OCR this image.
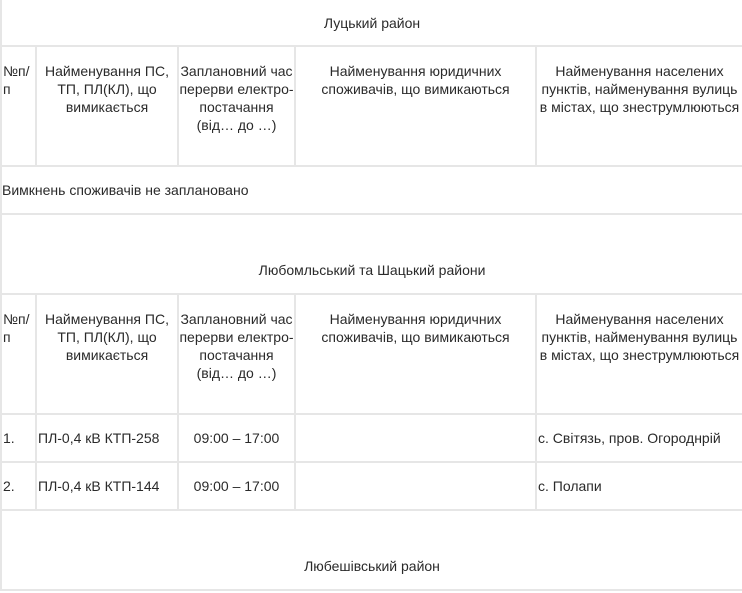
Луцький район				
№п/п	Найменування ПС, ТП, ПЛ(КЛ), що вимикається	Заплановний час перерви електро-постачання (від… до …)	Найменування юридичних споживачів, що вимикаються	Найменування населених пунктів, найменування вулиць в містах, що знеструмлюються
Вимкнень споживачів не заплановано				
Любомльський та Шацький райони				
№п/п	Найменування ПС, ТП, ПЛ(КЛ), що вимикається	Заплановний час перерви електро-постачання (від… до …)	Найменування юридичних споживачів, що вимикаються	Найменування населених пунктів, найменування вулиць в містах, що знеструмлюються
1.	ПЛ-0,4 кВ КТП-258	09:00 – 17:00		с. Світязь, пров. Огороднрій
2.	ПЛ-0,4 кВ КТП-144	09:00 – 17:00		с. Полапи
Любешівський район				
